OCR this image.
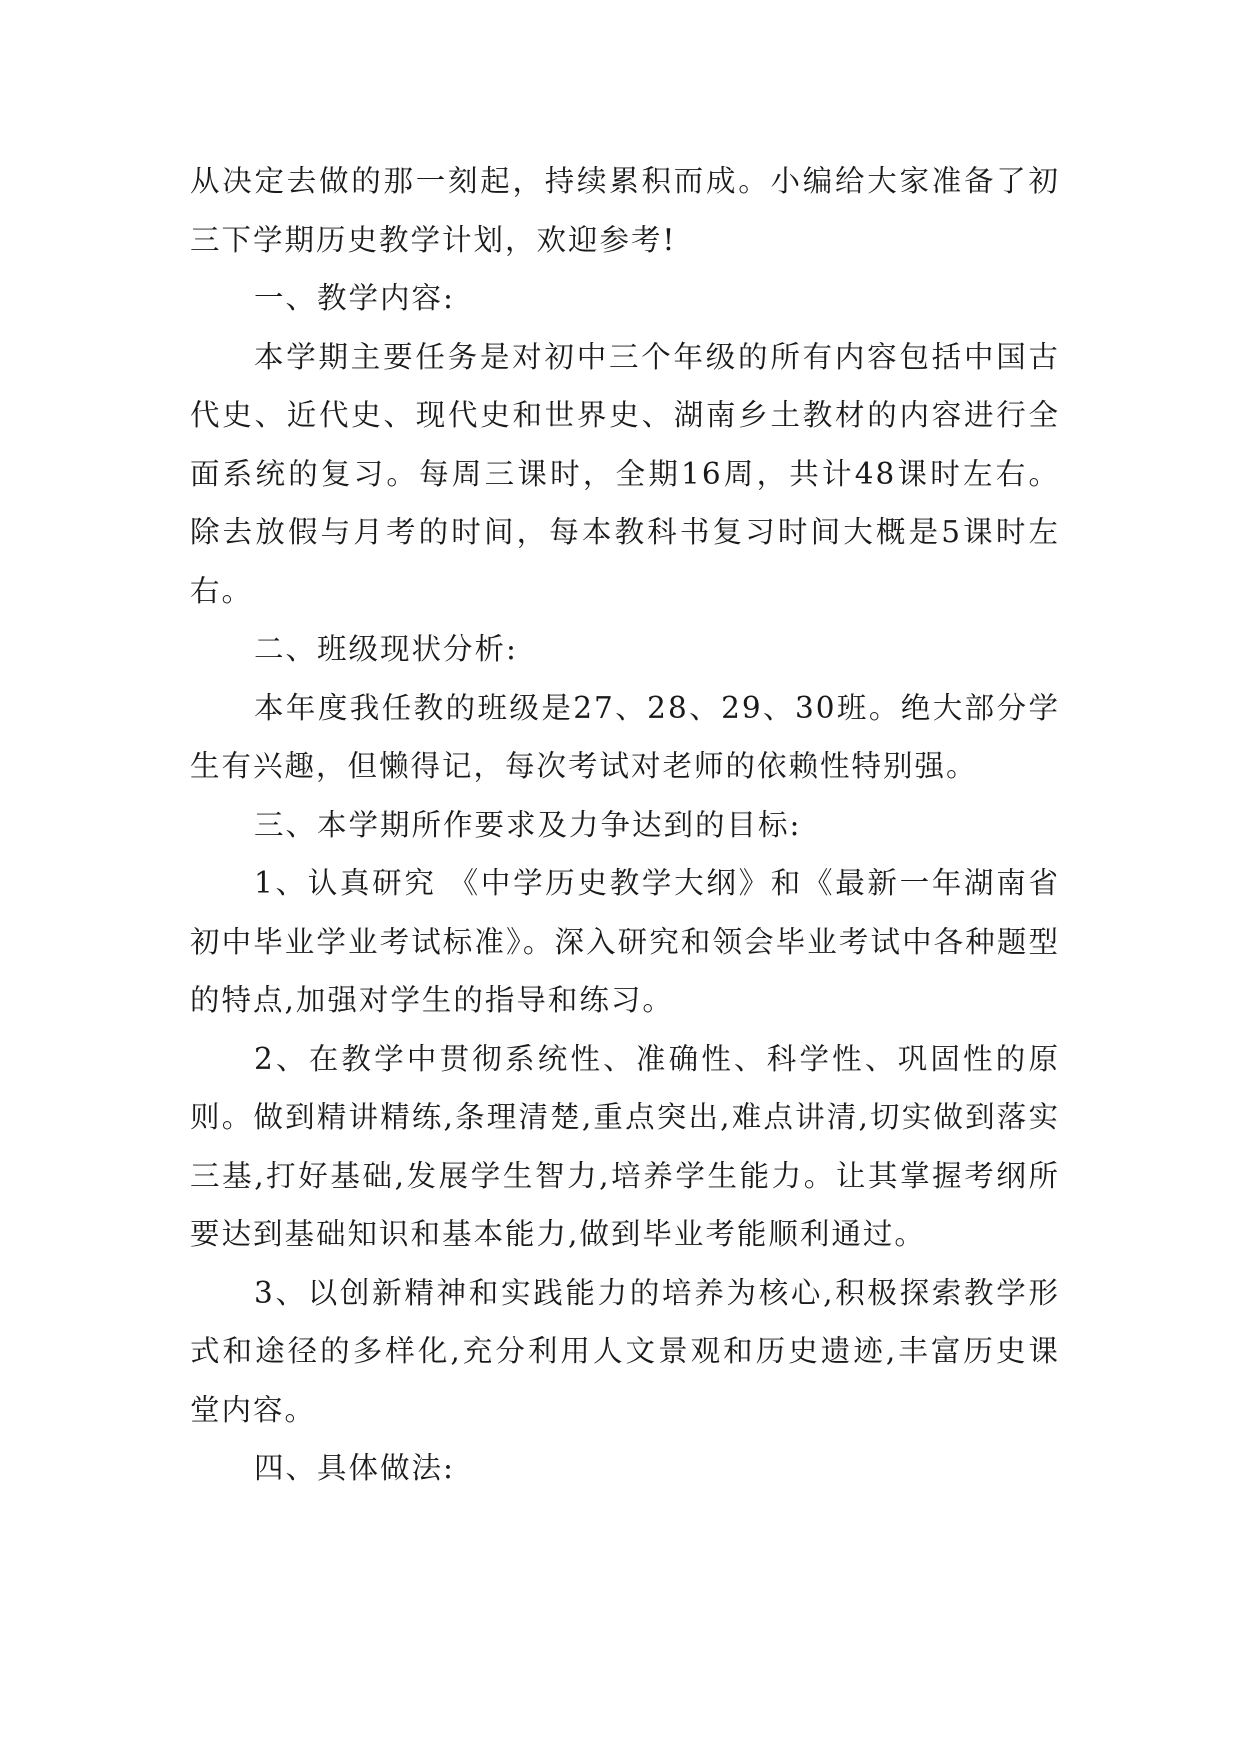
从决定去做的那一刻起，持续累积而成。小编给大家准备了初三下学期历史教学计划，欢迎参考!

一、教学内容:

本学期主要任务是对初中三个年级的所有内容包括中国古代史、近代史、现代史和世界史、湖南乡土教材的内容进行全面系统的复习。每周三课时，全期16周，共计48课时左右。除去放假与月考的时间，每本教科书复习时间大概是5课时左右。

二、班级现状分析:

本年度我任教的班级是27、28、29、30班。绝大部分学生有兴趣，但懒得记，每次考试对老师的依赖性特别强。

三、本学期所作要求及力争达到的目标:

1、认真研究 《中学历史教学大纲》和《最新一年湖南省初中毕业学业考试标准》。深入研究和领会毕业考试中各种题型的特点,加强对学生的指导和练习。

2、在教学中贯彻系统性、准确性、科学性、巩固性的原则。做到精讲精练,条理清楚,重点突出,难点讲清,切实做到落实三基,打好基础,发展学生智力,培养学生能力。让其掌握考纲所要达到基础知识和基本能力,做到毕业考能顺利通过。

3、以创新精神和实践能力的培养为核心,积极探索教学形式和途径的多样化,充分利用人文景观和历史遗迹,丰富历史课堂内容。

四、具体做法:
